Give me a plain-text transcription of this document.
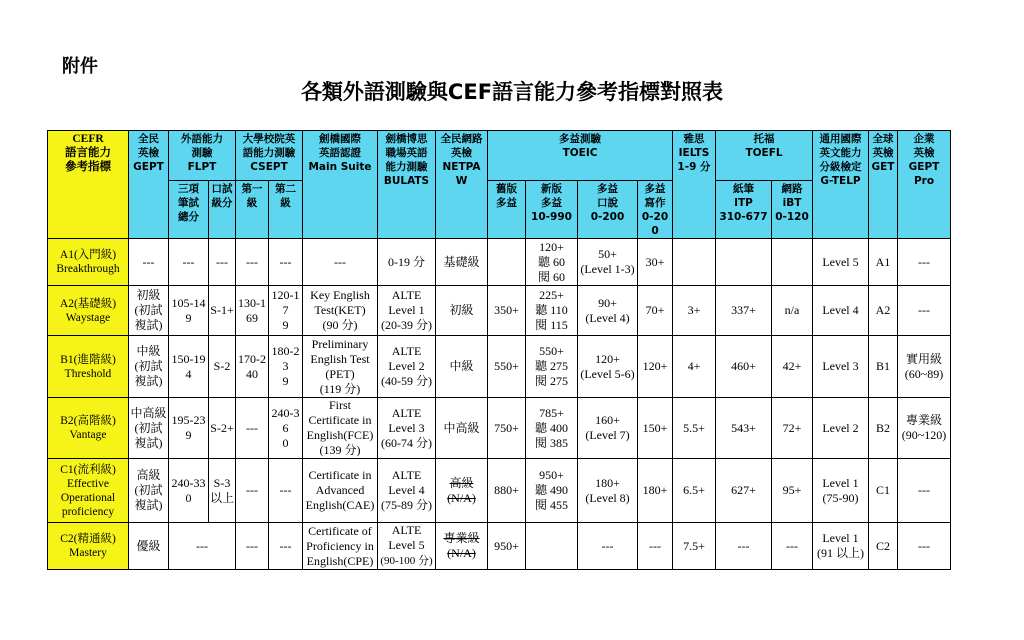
附件
各類外語測驗與CEF語言能力參考指標對照表
CEFR
語言能力
參考指標	全民
英檢
GEPT	外語能力
測驗
FLPT		大學校院英
語能力測驗
CSEPT		劍橋國際
英語認證
Main Suite	劍橋博思
職場英語
能力測驗
BULATS	全民網路
英檢
NETPAW	多益測驗
TOEIC				雅思
IELTS
1-9 分	托福
TOEFL		通用國際
英文能力
分級檢定
G-TELP	全球
英檢
GET	企業
英檢
GEPT
Pro
		三項
筆試
總分	口試
級分	第一
級	第二
級				舊版
多益	新版
多益
10-990	多益
口說
0-200	多益
寫作
0-200		紙筆
ITP
310-677	網路
iBT
0-120			
A1(入門級)
Breakthrough	---	---	---	---	---	---	0-19 分	基礎級		120+
聽 60
閱 60	50+
(Level 1-3)	30+				Level 5	A1	---
A2(基礎級)
Waystage	初級
(初試
複試)	105-149	S-1+	130-1
69	120-17
9	Key English
Test(KET)
(90 分)	ALTE
Level 1
(20-39 分)	初級	350+	225+
聽 110
閱 115	90+
(Level 4)	70+	3+	337+	n/a	Level 4	A2	---
B1(進階級)
Threshold	中級
(初試
複試)	150-194	S-2	170-2
40	180-23
9	Preliminary
English Test
(PET)
(119 分)	ALTE
Level 2
(40-59 分)	中級	550+	550+
聽 275
閱 275	120+
(Level 5-6)	120+	4+	460+	42+	Level 3	B1	實用級
(60~89)
B2(高階級)
Vantage	中高級
(初試
複試)	195-239	S-2+	---	240-36
0	First
Certificate in
English(FCE)
(139 分)	ALTE
Level 3
(60-74 分)	中高級	750+	785+
聽 400
閱 385	160+
(Level 7)	150+	5.5+	543+	72+	Level 2	B2	專業級
(90~120)
C1(流利級)
Effective
Operational
proficiency	高級
(初試
複試)	240-330	S-3
以上	---	---	Certificate in
Advanced
English(CAE)	ALTE
Level 4
(75-89 分)	高級
(N/A)	880+	950+
聽 490
閱 455	180+
(Level 8)	180+	6.5+	627+	95+	Level 1
(75-90)	C1	---
C2(精通級)
Mastery	優級	---		---	---	Certificate of
Proficiency in
English(CPE)	ALTE
Level 5
(90-100 分)	專業級
(N/A)	950+		---	---	7.5+	---	---	Level 1
(91 以上)	C2	---
